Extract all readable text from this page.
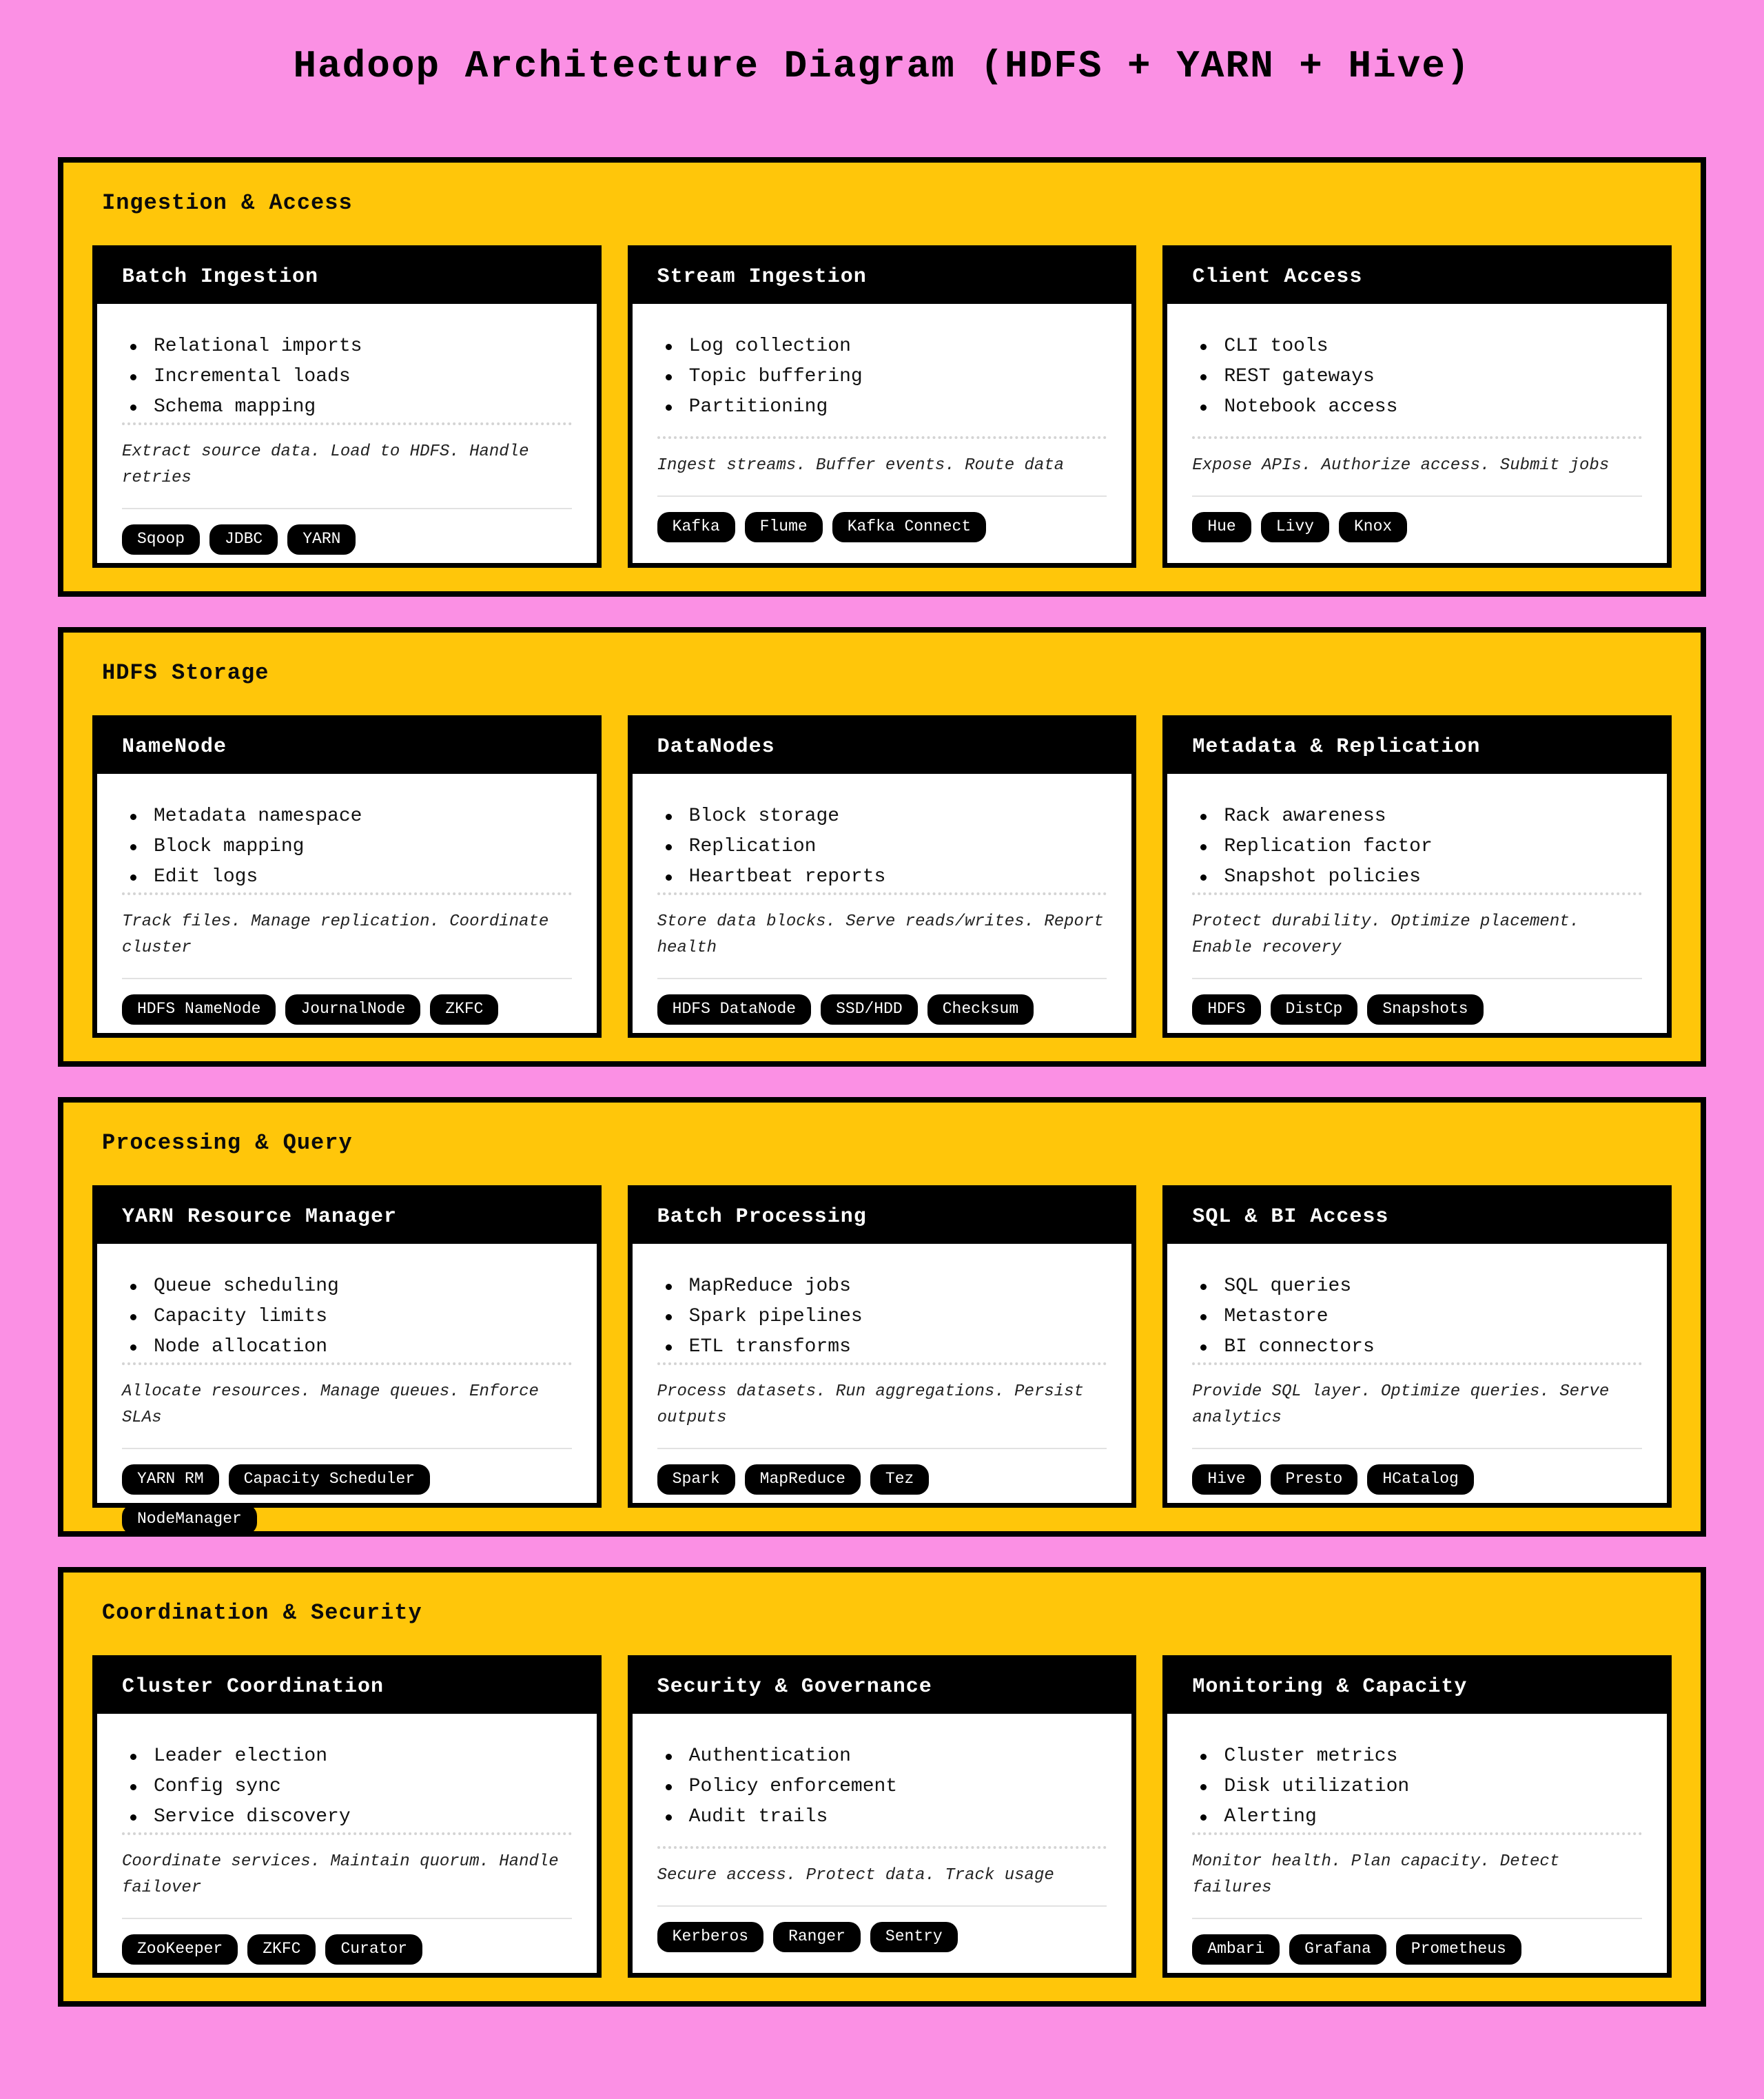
Hadoop Architecture Diagram (HDFS + YARN + Hive)
Ingestion & Access
Batch Ingestion
Relational imports
Incremental loads
Schema mapping

Extract source data. Load to HDFS. Handle retries

Sqoop	JDBC	YARN
Stream Ingestion
Log collection
Topic buffering
Partitioning

Ingest streams. Buffer events. Route data

Kafka	Flume	Kafka Connect
Client Access
CLI tools
REST gateways
Notebook access

Expose APIs. Authorize access. Submit jobs

Hue	Livy	Knox
HDFS Storage
NameNode
Metadata namespace
Block mapping
Edit logs

Track files. Manage replication. Coordinate cluster

HDFS NameNode	JournalNode	ZKFC
DataNodes
Block storage
Replication
Heartbeat reports

Store data blocks. Serve reads/writes. Report health

HDFS DataNode	SSD/HDD	Checksum
Metadata & Replication
Rack awareness
Replication factor
Snapshot policies

Protect durability. Optimize placement. Enable recovery

HDFS	DistCp	Snapshots
Processing & Query
YARN Resource Manager
Queue scheduling
Capacity limits
Node allocation

Allocate resources. Manage queues. Enforce SLAs

YARN RM	Capacity Scheduler
NodeManager
Batch Processing
MapReduce jobs
Spark pipelines
ETL transforms

Process datasets. Run aggregations. Persist outputs

Spark	MapReduce	Tez
SQL & BI Access
SQL queries
Metastore
BI connectors

Provide SQL layer. Optimize queries. Serve analytics

Hive	Presto	HCatalog
Coordination & Security
Cluster Coordination
Leader election
Config sync
Service discovery

Coordinate services. Maintain quorum. Handle failover

ZooKeeper	ZKFC	Curator
Security & Governance
Authentication
Policy enforcement
Audit trails

Secure access. Protect data. Track usage

Kerberos	Ranger	Sentry
Monitoring & Capacity
Cluster metrics
Disk utilization
Alerting

Monitor health. Plan capacity. Detect failures

Ambari	Grafana	Prometheus
